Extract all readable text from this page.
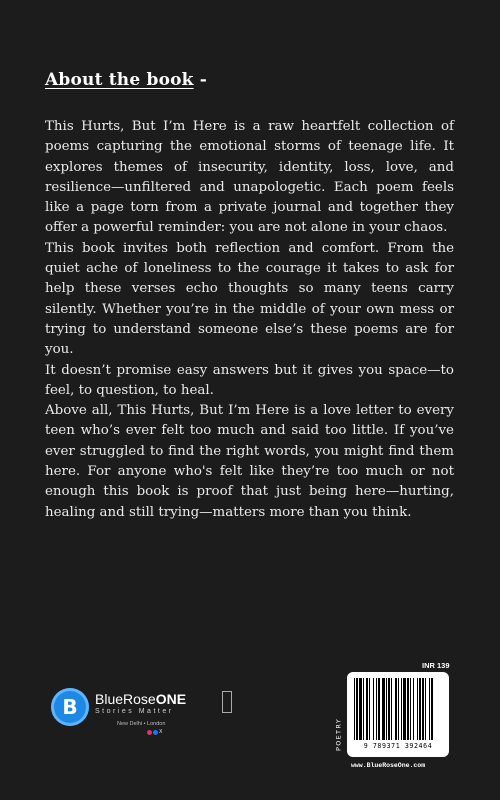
About the book -

This Hurts, But I’m Here is a raw heartfelt collection of poems capturing the emotional storms of teenage life. It explores themes of insecurity, identity, loss, love, and resilience—unfiltered and unapologetic. Each poem feels like a page torn from a private journal and together they offer a powerful reminder: you are not alone in your chaos.

This book invites both reflection and comfort. From the quiet ache of loneliness to the courage it takes to ask for help these verses echo thoughts so many teens carry silently. Whether you’re in the middle of your own mess or trying to understand someone else’s these poems are for you.

It doesn’t promise easy answers but it gives you space—to feel, to question, to heal.

Above all, This Hurts, But I’m Here is a love letter to every teen who’s ever felt too much and said too little. If you’ve ever struggled to find the right words, you might find them here. For anyone who's felt like they’re too much or not enough this book is proof that just being here—hurting, healing and still trying—matters more than you think.

B	BlueRoseONE
Stories Matter
New Delhi • London
X
INR 139
POETRY	9 789371 392464
www.BlueRoseOne.com
